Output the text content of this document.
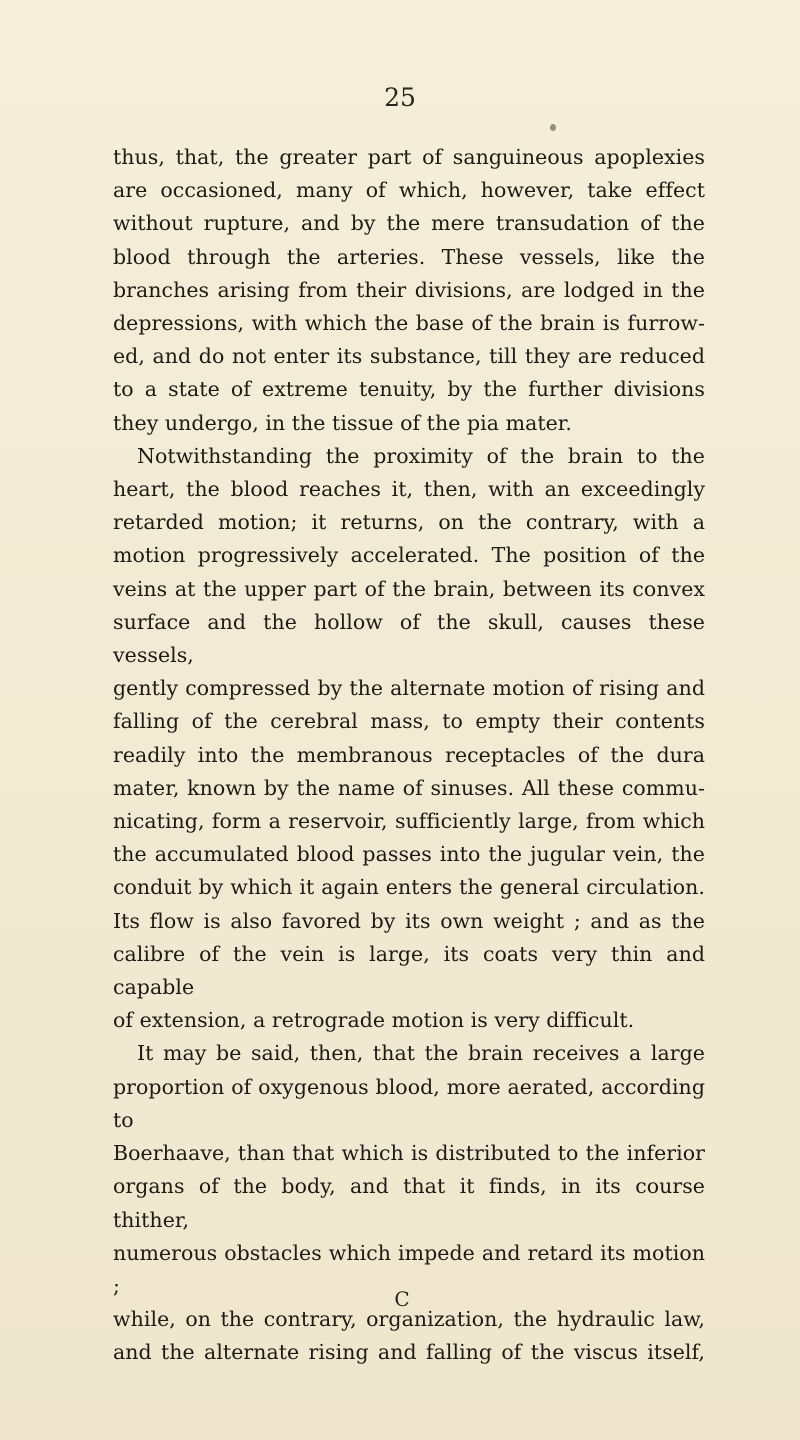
25

thus, that, the greater part of sanguineous apoplexies
are occasioned, many of which, however, take effect
without rupture, and by the mere transudation of the
blood through the arteries. These vessels, like the
branches arising from their divisions, are lodged in the
depressions, with which the base of the brain is furrow-
ed, and do not enter its substance, till they are reduced
to a state of extreme tenuity, by the further divisions
they undergo, in the tissue of the pia mater.

Notwithstanding the proximity of the brain to the
heart, the blood reaches it, then, with an exceedingly
retarded motion; it returns, on the contrary, with a
motion progressively accelerated. The position of the
veins at the upper part of the brain, between its convex
surface and the hollow of the skull, causes these vessels,
gently compressed by the alternate motion of rising and
falling of the cerebral mass, to empty their contents
readily into the membranous receptacles of the dura
mater, known by the name of sinuses. All these commu-
nicating, form a reservoir, sufficiently large, from which
the accumulated blood passes into the jugular vein, the
conduit by which it again enters the general circulation.
Its flow is also favored by its own weight ; and as the
calibre of the vein is large, its coats very thin and capable
of extension, a retrograde motion is very difficult.

It may be said, then, that the brain receives a large
proportion of oxygenous blood, more aerated, according to
Boerhaave, than that which is distributed to the inferior
organs of the body, and that it finds, in its course thither,
numerous obstacles which impede and retard its motion ;
while, on the contrary, organization, the hydraulic law,
and the alternate rising and falling of the viscus itself,

C
